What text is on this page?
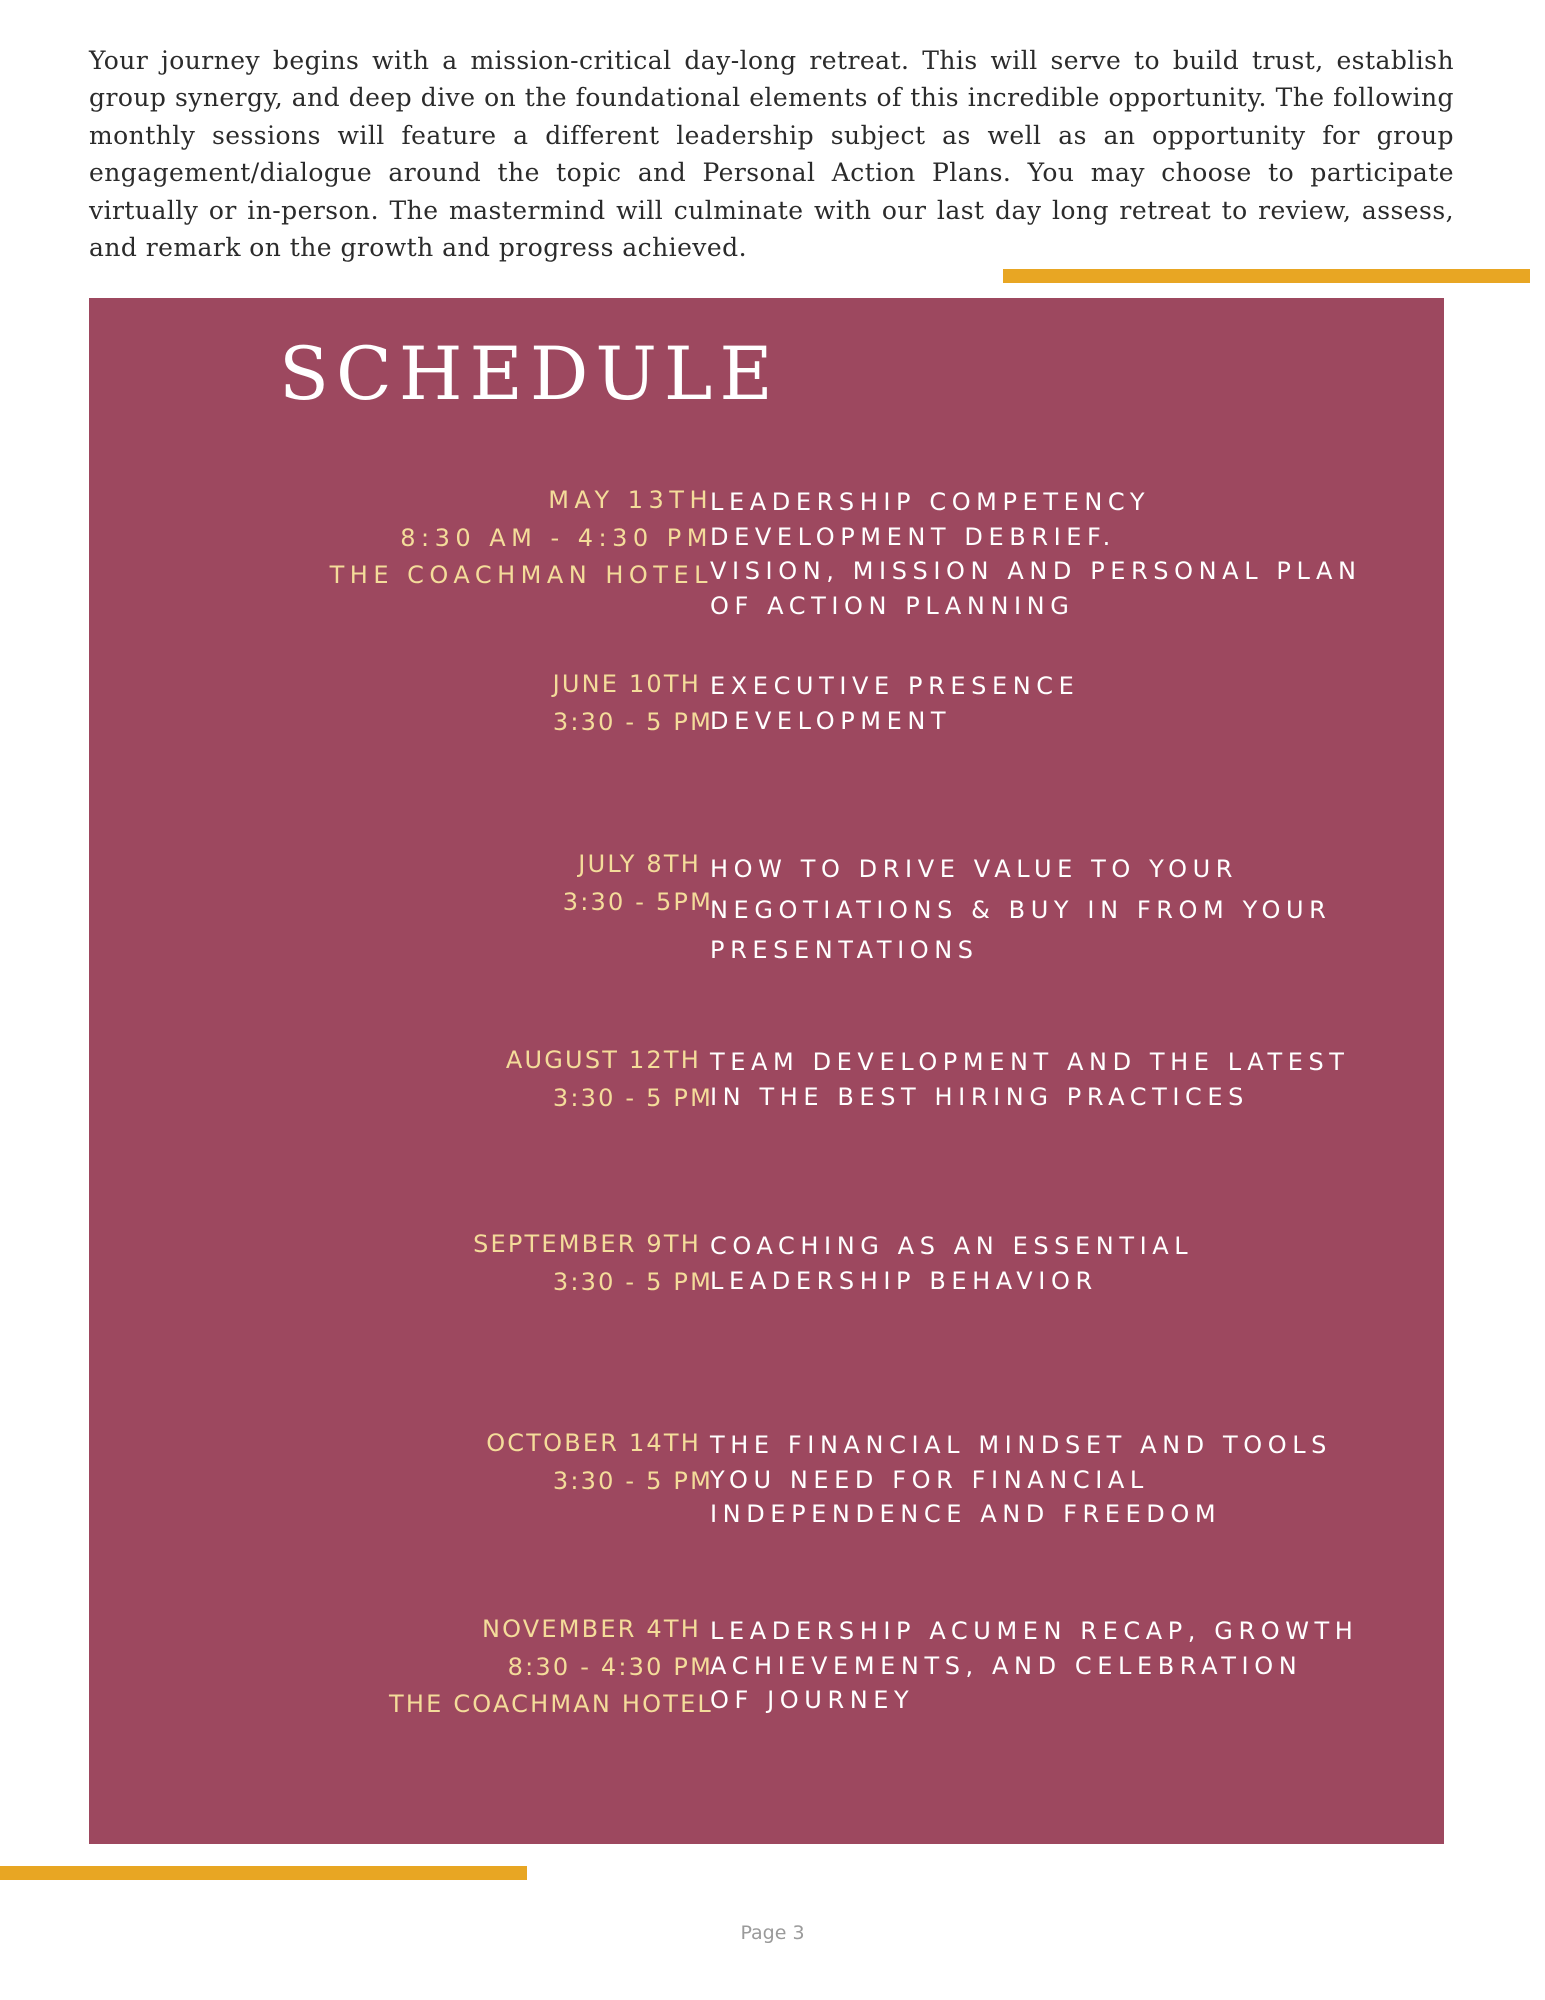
Your journey begins with a mission-critical day-long retreat. This will serve to build trust, establish group synergy, and deep dive on the foundational elements of this incredible opportunity. The following monthly sessions will feature a different leadership subject as well as an opportunity for group engagement/dialogue around the topic and Personal Action Plans. You may choose to participate virtually or in-person. The mastermind will culminate with our last day long retreat to review, assess, and remark on the growth and progress achieved.

SCHEDULE
MAY 13TH
8:30 AM - 4:30 PM
THE COACHMAN HOTEL
LEADERSHIP COMPETENCY
DEVELOPMENT DEBRIEF.
VISION, MISSION AND PERSONAL PLAN
OF ACTION PLANNING
JUNE 10TH
3:30 - 5 PM
EXECUTIVE PRESENCE
DEVELOPMENT
JULY 8TH
3:30 - 5PM
HOW TO DRIVE VALUE TO YOUR
NEGOTIATIONS & BUY IN FROM YOUR
PRESENTATIONS
AUGUST 12TH
3:30 - 5 PM
TEAM DEVELOPMENT AND THE LATEST
IN THE BEST HIRING PRACTICES
SEPTEMBER 9TH
3:30 - 5 PM
COACHING AS AN ESSENTIAL
LEADERSHIP BEHAVIOR
OCTOBER 14TH
3:30 - 5 PM
THE FINANCIAL MINDSET AND TOOLS
YOU NEED FOR FINANCIAL
INDEPENDENCE AND FREEDOM
NOVEMBER 4TH
8:30 - 4:30 PM
THE COACHMAN HOTEL
LEADERSHIP ACUMEN RECAP, GROWTH
ACHIEVEMENTS, AND CELEBRATION
OF JOURNEY
Page 3
